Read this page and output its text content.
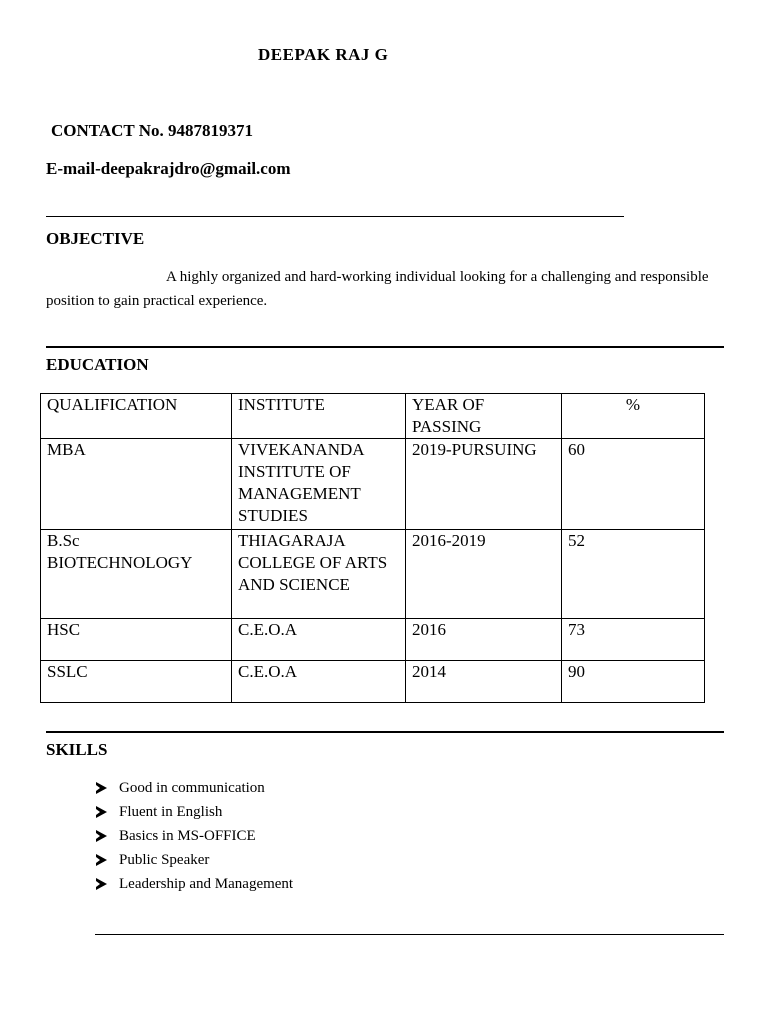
DEEPAK RAJ G
CONTACT No. 9487819371
E-mail-deepakrajdro@gmail.com
OBJECTIVE
A highly organized and hard-working individual looking for a challenging and responsible position to gain practical experience.
EDUCATION
QUALIFICATION	INSTITUTE	YEAR OF PASSING	%
MBA	VIVEKANANDA INSTITUTE OF MANAGEMENT STUDIES	2019-PURSUING	60
B.Sc BIOTECHNOLOGY	THIAGARAJA COLLEGE OF ARTS AND SCIENCE	2016-2019	52
HSC	C.E.O.A	2016	73
SSLC	C.E.O.A	2014	90
SKILLS
Good in communication
Fluent in English
Basics in MS-OFFICE
Public Speaker
Leadership and Management
